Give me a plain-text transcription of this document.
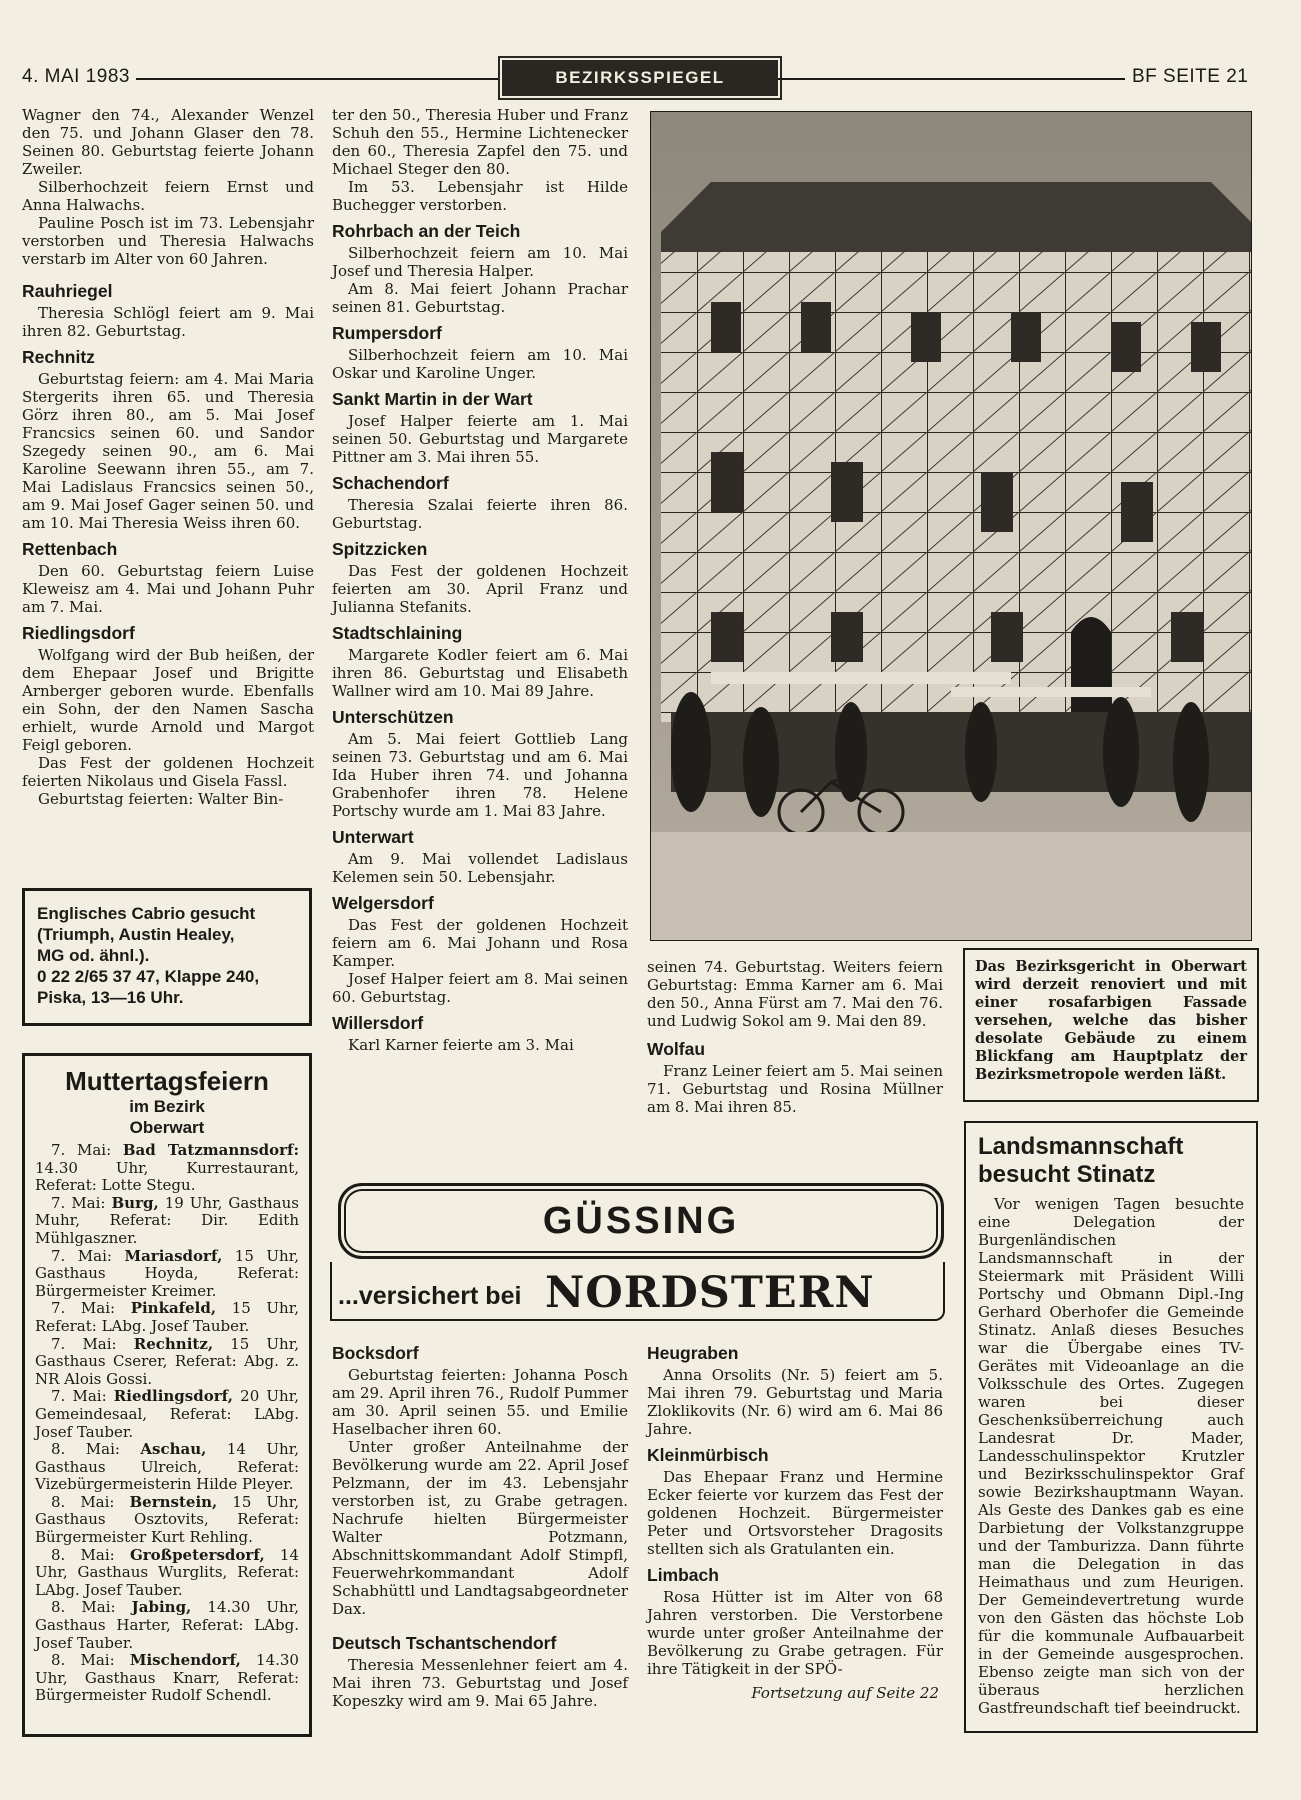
4. MAI 1983	BEZIRKSSPIEGEL	BF SEITE 21

Wagner den 74., Alexander Wenzel den 75. und Johann Glaser den 78. Seinen 80. Geburtstag feierte Johann Zweiler.

Silberhochzeit feiern Ernst und Anna Halwachs.

Pauline Posch ist im 73. Lebensjahr verstorben und Theresia Halwachs verstarb im Alter von 60 Jahren.

Rauhriegel

Theresia Schlögl feiert am 9. Mai ihren 82. Geburtstag.

Rechnitz

Geburtstag feiern: am 4. Mai Maria Stergerits ihren 65. und Theresia Görz ihren 80., am 5. Mai Josef Francsics seinen 60. und Sandor Szegedy seinen 90., am 6. Mai Karoline Seewann ihren 55., am 7. Mai Ladislaus Francsics seinen 50., am 9. Mai Josef Gager seinen 50. und am 10. Mai Theresia Weiss ihren 60.

Rettenbach

Den 60. Geburtstag feiern Luise Kleweisz am 4. Mai und Johann Puhr am 7. Mai.

Riedlingsdorf

Wolfgang wird der Bub heißen, der dem Ehepaar Josef und Brigitte Arnberger geboren wurde. Ebenfalls ein Sohn, der den Namen Sascha erhielt, wurde Arnold und Margot Feigl geboren.

Das Fest der goldenen Hochzeit feierten Nikolaus und Gisela Fassl.

Geburtstag feierten: Walter Bin-

Englisches Cabrio gesucht
(Triumph, Austin Healey,
MG od. ähnl.).
0 22 2/65 37 47, Klappe 240,
Piska, 13—16 Uhr.
Muttertagsfeiern
im Bezirk
Oberwart

7. Mai: Bad Tatzmannsdorf: 14.30 Uhr, Kurrestaurant, Referat: Lotte Stegu.

7. Mai: Burg, 19 Uhr, Gasthaus Muhr, Referat: Dir. Edith Mühlgaszner.

7. Mai: Mariasdorf, 15 Uhr, Gasthaus Hoyda, Referat: Bürgermeister Kreimer.

7. Mai: Pinkafeld, 15 Uhr, Referat: LAbg. Josef Tauber.

7. Mai: Rechnitz, 15 Uhr, Gasthaus Cserer, Referat: Abg. z. NR Alois Gossi.

7. Mai: Riedlingsdorf, 20 Uhr, Gemeindesaal, Referat: LAbg. Josef Tauber.

8. Mai: Aschau, 14 Uhr, Gasthaus Ulreich, Referat: Vizebürgermeisterin Hilde Pleyer.

8. Mai: Bernstein, 15 Uhr, Gasthaus Osztovits, Referat: Bürgermeister Kurt Rehling.

8. Mai: Großpetersdorf, 14 Uhr, Gasthaus Wurglits, Referat: LAbg. Josef Tauber.

8. Mai: Jabing, 14.30 Uhr, Gasthaus Harter, Referat: LAbg. Josef Tauber.

8. Mai: Mischendorf, 14.30 Uhr, Gasthaus Knarr, Referat: Bürgermeister Rudolf Schendl.

ter den 50., Theresia Huber und Franz Schuh den 55., Hermine Lichtenecker den 60., Theresia Zapfel den 75. und Michael Steger den 80.

Im 53. Lebensjahr ist Hilde Buchegger verstorben.

Rohrbach an der Teich

Silberhochzeit feiern am 10. Mai Josef und Theresia Halper.

Am 8. Mai feiert Johann Prachar seinen 81. Geburtstag.

Rumpersdorf

Silberhochzeit feiern am 10. Mai Oskar und Karoline Unger.

Sankt Martin in der Wart

Josef Halper feierte am 1. Mai seinen 50. Geburtstag und Margarete Pittner am 3. Mai ihren 55.

Schachendorf

Theresia Szalai feierte ihren 86. Geburtstag.

Spitzzicken

Das Fest der goldenen Hochzeit feierten am 30. April Franz und Julianna Stefanits.

Stadtschlaining

Margarete Kodler feiert am 6. Mai ihren 86. Geburtstag und Elisabeth Wallner wird am 10. Mai 89 Jahre.

Unterschützen

Am 5. Mai feiert Gottlieb Lang seinen 73. Geburtstag und am 6. Mai Ida Huber ihren 74. und Johanna Grabenhofer ihren 78. Helene Portschy wurde am 1. Mai 83 Jahre.

Unterwart

Am 9. Mai vollendet Ladislaus Kelemen sein 50. Lebensjahr.

Welgersdorf

Das Fest der goldenen Hochzeit feiern am 6. Mai Johann und Rosa Kamper.

Josef Halper feiert am 8. Mai seinen 60. Geburtstag.

Willersdorf

Karl Karner feierte am 3. Mai

seinen 74. Geburtstag. Weiters feiern Geburtstag: Emma Karner am 6. Mai den 50., Anna Fürst am 7. Mai den 76. und Ludwig Sokol am 9. Mai den 89.

Wolfau

Franz Leiner feiert am 5. Mai seinen 71. Geburtstag und Rosina Müllner am 8. Mai ihren 85.

Das Bezirksgericht in Oberwart wird derzeit renoviert und mit einer rosafarbigen Fassade versehen, welche das bisher desolate Gebäude zu einem Blickfang am Hauptplatz der Bezirksmetropole werden läßt.
GÜSSING
...versichert bei NORDSTERN
Bocksdorf

Geburtstag feierten: Johanna Posch am 29. April ihren 76., Rudolf Pummer am 30. April seinen 55. und Emilie Haselbacher ihren 60.

Unter großer Anteilnahme der Bevölkerung wurde am 22. April Josef Pelzmann, der im 43. Lebensjahr verstorben ist, zu Grabe getragen. Nachrufe hielten Bürgermeister Walter Potzmann, Abschnittskommandant Adolf Stimpfl, Feuerwehrkommandant Adolf Schabhüttl und Landtagsabgeordneter Dax.

Deutsch Tschantschendorf

Theresia Messenlehner feiert am 4. Mai ihren 73. Geburtstag und Josef Kopeszky wird am 9. Mai 65 Jahre.

Heugraben

Anna Orsolits (Nr. 5) feiert am 5. Mai ihren 79. Geburtstag und Maria Zloklikovits (Nr. 6) wird am 6. Mai 86 Jahre.

Kleinmürbisch

Das Ehepaar Franz und Hermine Ecker feierte vor kurzem das Fest der goldenen Hochzeit. Bürgermeister Peter und Ortsvorsteher Dragosits stellten sich als Gratulanten ein.

Limbach

Rosa Hütter ist im Alter von 68 Jahren verstorben. Die Verstorbene wurde unter großer Anteilnahme der Bevölkerung zu Grabe getragen. Für ihre Tätigkeit in der SPÖ-

Fortsetzung auf Seite 22
Landsmannschaft
besucht Stinatz

Vor wenigen Tagen besuchte eine Delegation der Burgenländischen Landsmannschaft in der Steiermark mit Präsident Willi Portschy und Obmann Dipl.-Ing Gerhard Oberhofer die Gemeinde Stinatz. Anlaß dieses Besuches war die Übergabe eines TV-Gerätes mit Videoanlage an die Volksschule des Ortes. Zugegen waren bei dieser Geschenksüberreichung auch Landesrat Dr. Mader, Landesschulinspektor Krutzler und Bezirksschulinspektor Graf sowie Bezirkshauptmann Wayan. Als Geste des Dankes gab es eine Darbietung der Volkstanzgruppe und der Tamburizza. Dann führte man die Delegation in das Heimathaus und zum Heurigen. Der Gemeindevertretung wurde von den Gästen das höchste Lob für die kommunale Aufbauarbeit in der Gemeinde ausgesprochen. Ebenso zeigte man sich von der überaus herzlichen Gastfreundschaft tief beeindruckt.
